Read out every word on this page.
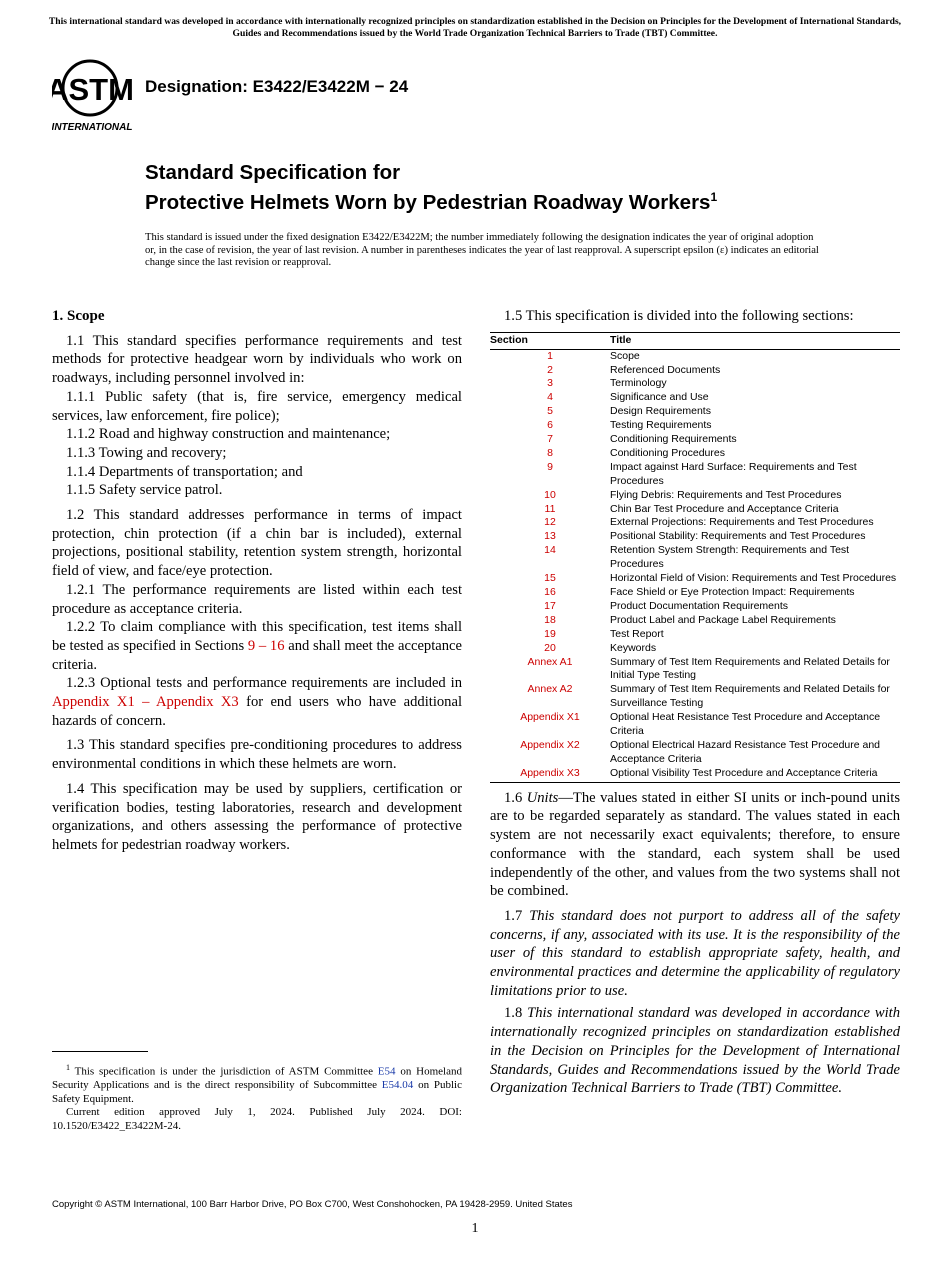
This international standard was developed in accordance with internationally recognized principles on standardization established in the Decision on Principles for the Development of International Standards, Guides and Recommendations issued by the World Trade Organization Technical Barriers to Trade (TBT) Committee.
ASTM
INTERNATIONAL
Designation: E3422/E3422M − 24
Standard Specification for
Protective Helmets Worn by Pedestrian Roadway Workers$^1$
This standard is issued under the fixed designation E3422/E3422M; the number immediately following the designation indicates the year of original adoption or, in the case of revision, the year of last revision. A number in parentheses indicates the year of last reapproval. A superscript epsilon (ε) indicates an editorial change since the last revision or reapproval.
1. Scope

1.1 This standard specifies performance requirements and test methods for protective headgear worn by individuals who work on roadways, including personnel involved in:

1.1.1 Public safety (that is, fire service, emergency medical services, law enforcement, fire police);

1.1.2 Road and highway construction and maintenance;

1.1.3 Towing and recovery;

1.1.4 Departments of transportation; and

1.1.5 Safety service patrol.

1.2 This standard addresses performance in terms of impact protection, chin protection (if a chin bar is included), external projections, positional stability, retention system strength, horizontal field of view, and face/eye protection.

1.2.1 The performance requirements are listed within each test procedure as acceptance criteria.

1.2.2 To claim compliance with this specification, test items shall be tested as specified in Sections 9 – 16 and shall meet the acceptance criteria.

1.2.3 Optional tests and performance requirements are included in Appendix X1 – Appendix X3 for end users who have additional hazards of concern.

1.3 This standard specifies pre-conditioning procedures to address environmental conditions in which these helmets are worn.

1.4 This specification may be used by suppliers, certification or verification bodies, testing laboratories, research and development organizations, and others assessing the performance of protective helmets for pedestrian roadway workers.

1.5 This specification is divided into the following sections:

Section	Title
1	Scope
2	Referenced Documents
3	Terminology
4	Significance and Use
5	Design Requirements
6	Testing Requirements
7	Conditioning Requirements
8	Conditioning Procedures
9	Impact against Hard Surface: Requirements and Test Procedures
10	Flying Debris: Requirements and Test Procedures
11	Chin Bar Test Procedure and Acceptance Criteria
12	External Projections: Requirements and Test Procedures
13	Positional Stability: Requirements and Test Procedures
14	Retention System Strength: Requirements and Test Procedures
15	Horizontal Field of Vision: Requirements and Test Procedures
16	Face Shield or Eye Protection Impact: Requirements
17	Product Documentation Requirements
18	Product Label and Package Label Requirements
19	Test Report
20	Keywords
Annex A1	Summary of Test Item Requirements and Related Details for Initial Type Testing
Annex A2	Summary of Test Item Requirements and Related Details for Surveillance Testing
Appendix X1	Optional Heat Resistance Test Procedure and Acceptance Criteria
Appendix X2	Optional Electrical Hazard Resistance Test Procedure and Acceptance Criteria
Appendix X3	Optional Visibility Test Procedure and Acceptance Criteria

1.6 Units—The values stated in either SI units or inch-pound units are to be regarded separately as standard. The values stated in each system are not necessarily exact equivalents; therefore, to ensure conformance with the standard, each system shall be used independently of the other, and values from the two systems shall not be combined.

1.7 This standard does not purport to address all of the safety concerns, if any, associated with its use. It is the responsibility of the user of this standard to establish appropriate safety, health, and environmental practices and determine the applicability of regulatory limitations prior to use.

1.8 This international standard was developed in accordance with internationally recognized principles on standardization established in the Decision on Principles for the Development of International Standards, Guides and Recommendations issued by the World Trade Organization Technical Barriers to Trade (TBT) Committee.

$^1$ This specification is under the jurisdiction of ASTM Committee E54 on Homeland Security Applications and is the direct responsibility of Subcommittee E54.04 on Public Safety Equipment.

Current edition approved July 1, 2024. Published July 2024. DOI: 10.1520/E3422_E3422M-24.

Copyright © ASTM International, 100 Barr Harbor Drive, PO Box C700, West Conshohocken, PA 19428-2959. United States
1
